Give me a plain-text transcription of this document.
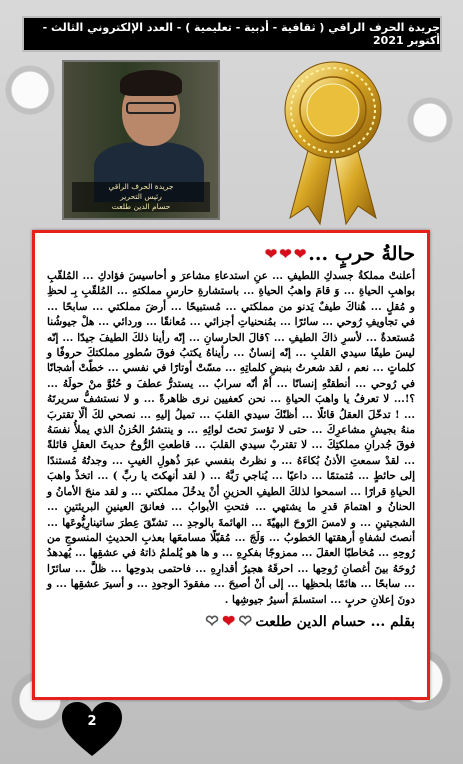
جريدة الحرف الراقي ( ثقافية - أدبية - تعليمية ) - العدد الإلكتروني الثالث - أكتوبر 2021
جريدة الحرف الراقي
رئيس التحرير
حسام الدين طلعت
حالةُ حربٍ ...
❤
❤
❤
أعلنتْ مملكةُ جسدكِ اللطيفِ ... عنِ استدعاءِ مشاعرَ و أحاسيسَ فؤادكِ ... المُلقّبِ بواهبِ الحياةِ ... وَ قامَ واهبُ الحياةِ ... باستشارةِ حارسِ مملكتهِ ... المُلقّبِ بِـ لحظِ و مُقلٍ ... هُناكَ طيفٌ يَدنو من مملكتي ... مُستبيحًا ... أرضَ مملكتي ... سابحًا ... في تجاويفِ رُوحي ... سائرًا ... بمُنحنياتِ أجزائي ... مُعانقًا ... وردائي ... هلْ جيوشُنا مُستعدةٌ ... لأسرِ ذاكَ الطيفِ ... ؟قالَ الحارسانِ ... إنّه رأينا ذلكَ الطيفَ جيدًا ... إنّه ليسَ طيفًا سيدي القلبِ ... إنّه إنسانٌ ... رأيناهُ يكتبُ فوقَ سُطورِ مملكتكَ حروفًا و كلماتٍ ... نعم ، لقد شعرتُ بنبضِ كلماتِهِ ... مسّتْ أوتارًا في نفسي ... خطّتْ أشجانًا في رُوحي ... أنطقتْهِ إنسانًا ... أمْ أنّه سرابٌ ... يستدرُّ عطفَ و حُنُوَّ منْ حولَهُ ... ؟!... لا تعرفُ يا واهبَ الحياةِ ... نحن كعفيين نرى ظاهرةً ... و لا نستشفُّ سريرتَهُ ... ! تدخّلَ العقلُ قائلًا ... أظنّكَ سيدي القلبَ ... تميلُ إليهِ ... نصحي لكَ ألّا تقتربَ منهُ بجيشِ مشاعرِكَ ... حتى لا تؤسرَ تحتَ لوائِهِ ... و ينتشرُ الحُزنُ الذي يملأُ نفسَهُ فوقَ جُدرانِ مملكتِكَ ... لا تقتربْ سيدي القلبَ ... قاطعتِ الرُّوحُ حديثَ العقلِ قائلةً ... لقدْ سمعتِ الأذنُ بُكاءَهُ ... و نظرتُ بنفسي عبرَ ذُهولِ الغيبِ ... وجدتُهُ مُستندًا إلى حائطٍ ... مُتمتمًا ... داعيًا ... يُناجي رَبَّهُ ... ( لقد أنهكتَ يا ربِّ ) ... اتخذْ واهبَ الحياةِ قرارًا ... اسمحوا لذلكَ الطيفِ الحزينِ أنْ يدخُلَ مملكتي ... و لقد منحَ الأمانُ و الحنانُ و اهتمامَ قدرِ ما يشتهي ... فتحتِ الأبوابُ ... فعانقَ العينينِ البريئتينِ ... الشجيتينِ ... و لامسَ الرّوحَ البهيّةَ ... الهائمةَ بالوجدِ ... تشنّقَ عِطرَ ساتينارِيُّوعَها ... أنصتَ لشفاهِ أرهقتها الخطوبُ ... وَلَجَ ... مُقبّلًا مسامعَها بعذبِ الحديثِ المنسوجِ من رُوحِهِ ... مُخاطبًا العقلَ ... ممزوجًا بفكرِهِ ... و ها هو يُلملمُ ذاتهُ في عشقِها ... يُهدهدُ رُوحَهُ بينَ أغصانِ رُوحِها ... احرقَهُ هجيرُ أقدارِهِ ... فاحتمى بدوحِها ... ظلَّ ... سائرًا ... سابحًا ... هائمًا بلحظِها ... إلى أنْ أصبحَ ... مفقودَ الوجودِ ... و أسيرَ عشقِها ... و دونَ إعلانِ حربٍ ... استسلمَ أسيرُ جيوشِها .
بقلم ... حسام الدين طلعت
❤
❤
❤
2
